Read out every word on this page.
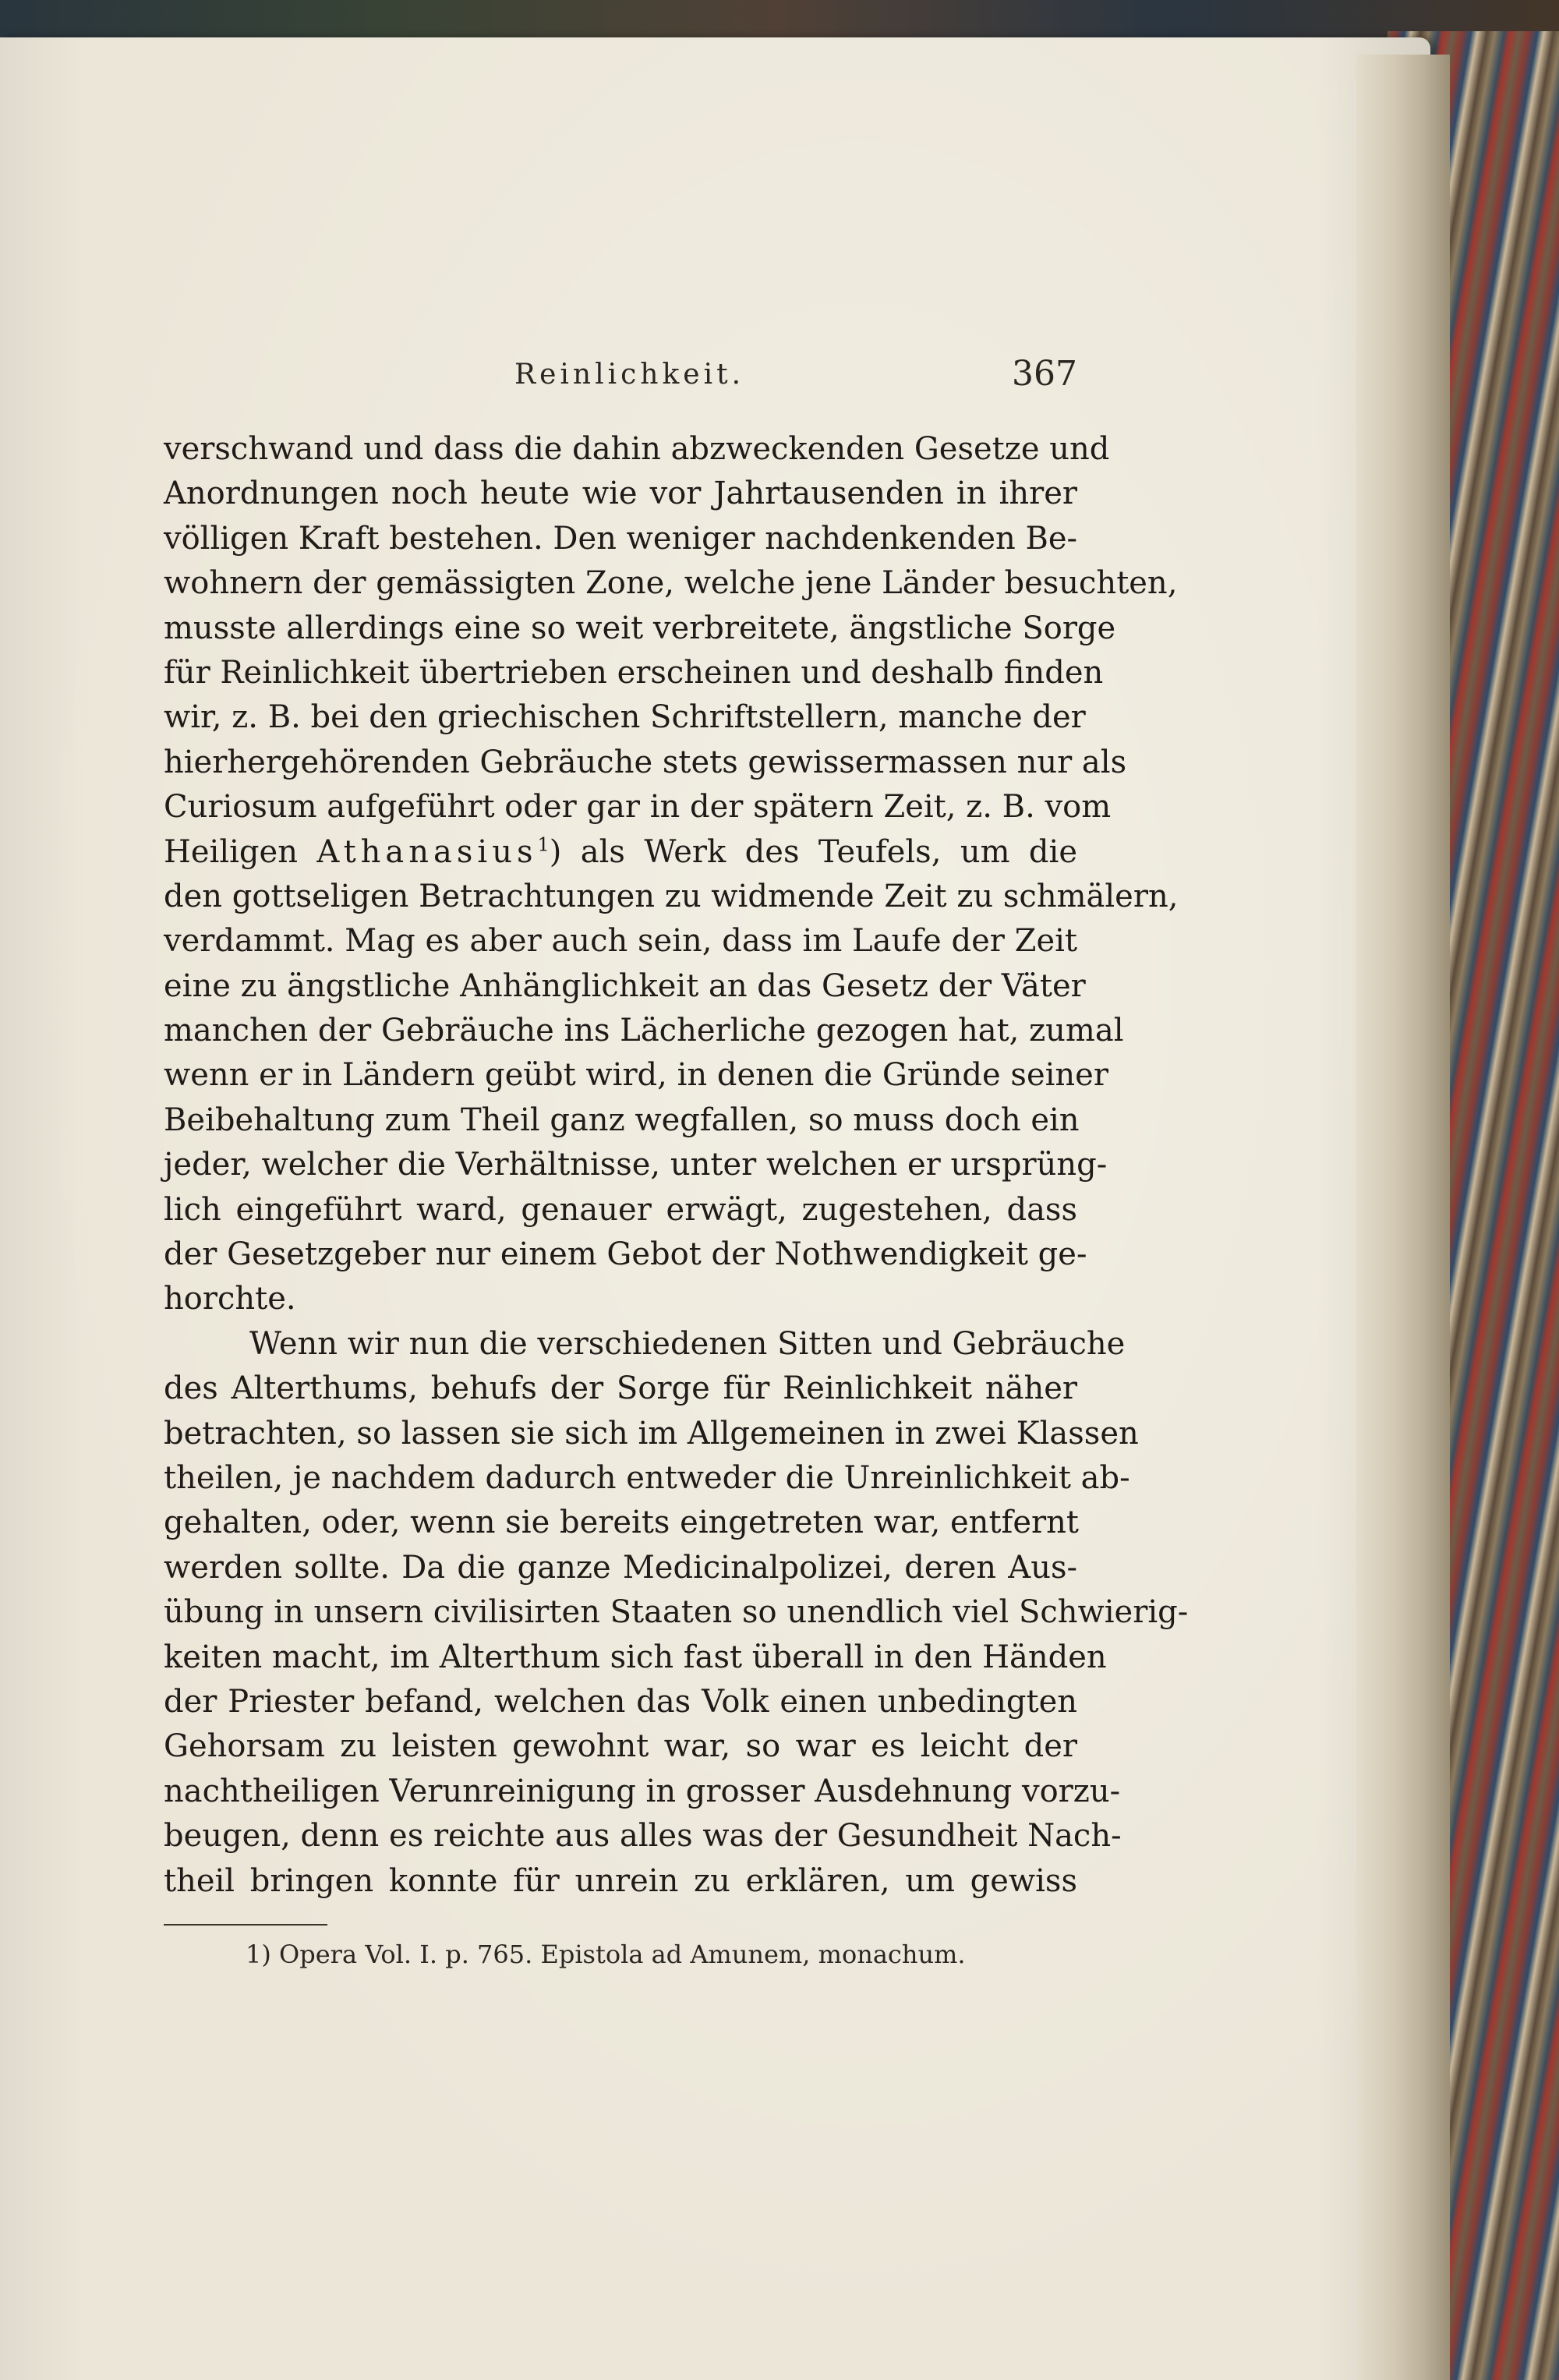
Reinlichkeit.	367
verschwand und dass die dahin abzweckenden Gesetze und
Anordnungen noch heute wie vor Jahrtausenden in ihrer
völligen Kraft bestehen. Den weniger nachdenkenden Be-
wohnern der gemässigten Zone, welche jene Länder besuchten,
musste allerdings eine so weit verbreitete, ängstliche Sorge
für Reinlichkeit übertrieben erscheinen und deshalb finden
wir, z. B. bei den griechischen Schriftstellern, manche der
hierhergehörenden Gebräuche stets gewissermassen nur als
Curiosum aufgeführt oder gar in der spätern Zeit, z. B. vom
Heiligen Athanasius$^1$) als Werk des Teufels, um die
den gottseligen Betrachtungen zu widmende Zeit zu schmälern,
verdammt. Mag es aber auch sein, dass im Laufe der Zeit
eine zu ängstliche Anhänglichkeit an das Gesetz der Väter
manchen der Gebräuche ins Lächerliche gezogen hat, zumal
wenn er in Ländern geübt wird, in denen die Gründe seiner
Beibehaltung zum Theil ganz wegfallen, so muss doch ein
jeder, welcher die Verhältnisse, unter welchen er ursprüng-
lich eingeführt ward, genauer erwägt, zugestehen, dass
der Gesetzgeber nur einem Gebot der Nothwendigkeit ge-
horchte.
Wenn wir nun die verschiedenen Sitten und Gebräuche
des Alterthums, behufs der Sorge für Reinlichkeit näher
betrachten, so lassen sie sich im Allgemeinen in zwei Klassen
theilen, je nachdem dadurch entweder die Unreinlichkeit ab-
gehalten, oder, wenn sie bereits eingetreten war, entfernt
werden sollte. Da die ganze Medicinalpolizei, deren Aus-
übung in unsern civilisirten Staaten so unendlich viel Schwierig-
keiten macht, im Alterthum sich fast überall in den Händen
der Priester befand, welchen das Volk einen unbedingten
Gehorsam zu leisten gewohnt war, so war es leicht der
nachtheiligen Verunreinigung in grosser Ausdehnung vorzu-
beugen, denn es reichte aus alles was der Gesundheit Nach-
theil bringen konnte für unrein zu erklären, um gewiss
1) Opera Vol. I. p. 765. Epistola ad Amunem, monachum.
